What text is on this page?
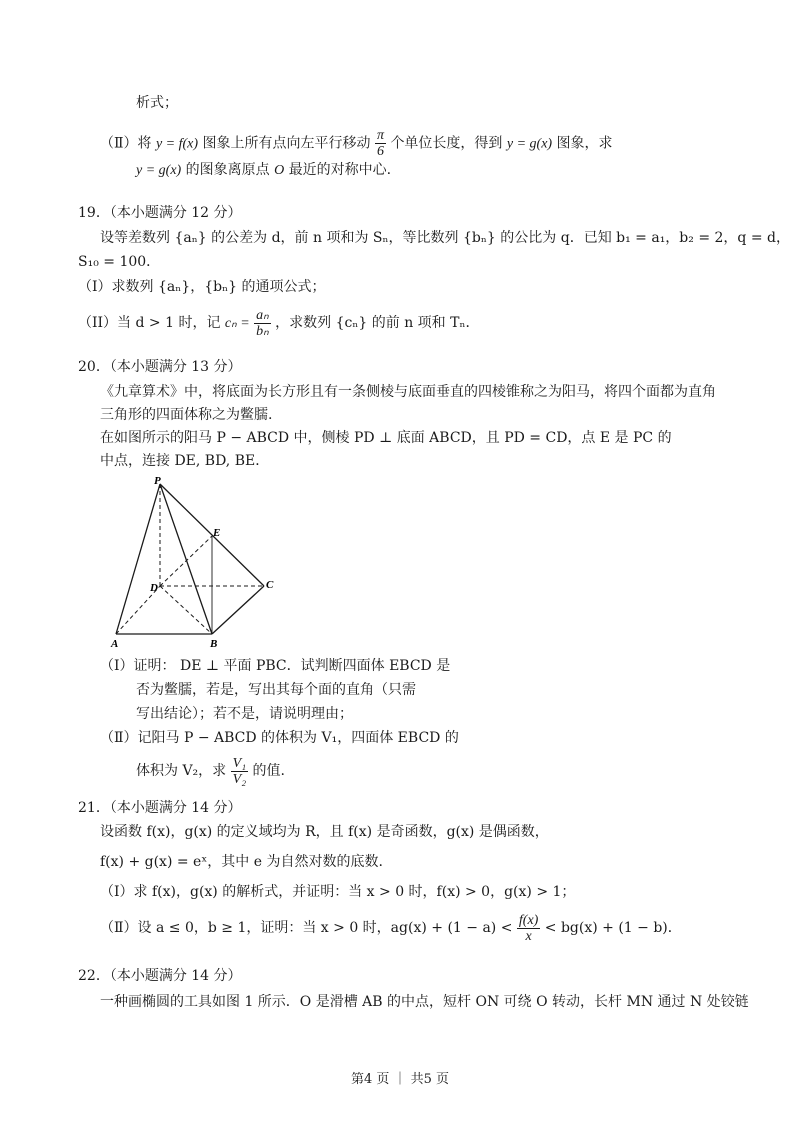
析式；
（Ⅱ）将 y = f(x) 图象上所有点向左平行移动 $\frac{\pi}{6}$ 个单位长度，得到 y = g(x) 图象，求
y = g(x) 的图象离原点 O 最近的对称中心.
19．（本小题满分 12 分）
设等差数列 {aₙ} 的公差为 d，前 n 项和为 Sₙ，等比数列 {bₙ} 的公比为 q．已知 b₁ = a₁，b₂ = 2，q = d，
S₁₀ = 100．
（I）求数列 {aₙ}，{bₙ} 的通项公式；
（II）当 d > 1 时，记 $c_n = \frac{\text{aₙ}}{\text{bₙ}}$ ，求数列 {cₙ} 的前 n 项和 Tₙ．
20．（本小题满分 13 分）
《九章算术》中，将底面为长方形且有一条侧棱与底面垂直的四棱锥称之为阳马，将四个面都为直角
三角形的四面体称之为鳖臑.
在如图所示的阳马 P − ABCD 中，侧棱 PD ⊥ 底面 ABCD，且 PD = CD，点 E 是 PC 的
中点，连接 DE, BD, BE．
P
E
D	C
A	B
（Ⅰ）证明： DE ⊥ 平面 PBC．试判断四面体 EBCD 是
否为鳖臑，若是，写出其每个面的直角（只需
写出结论）；若不是，请说明理由；
（Ⅱ）记阳马 P − ABCD 的体积为 V₁，四面体 EBCD 的
体积为 V₂，求 $\frac{\text{V₁}}{\text{V₂}}$ 的值.
21．（本小题满分 14 分）
设函数 f(x)，g(x) 的定义域均为 R，且 f(x) 是奇函数，g(x) 是偶函数，
f(x) + g(x) = eˣ，其中 e 为自然对数的底数.
（Ⅰ）求 f(x)，g(x) 的解析式，并证明：当 x > 0 时，f(x) > 0，g(x) > 1；
（Ⅱ）设 a ≤ 0，b ≥ 1，证明：当 x > 0 时，$ag(x) + (1 - a) < \frac{f(x)}{x} < bg(x) + (1 - b)$．
22．（本小题满分 14 分）
一种画椭圆的工具如图 1 所示．O 是滑槽 AB 的中点，短杆 ON 可绕 O 转动，长杆 MN 通过 N 处铰链
第4 页 ｜ 共5 页
